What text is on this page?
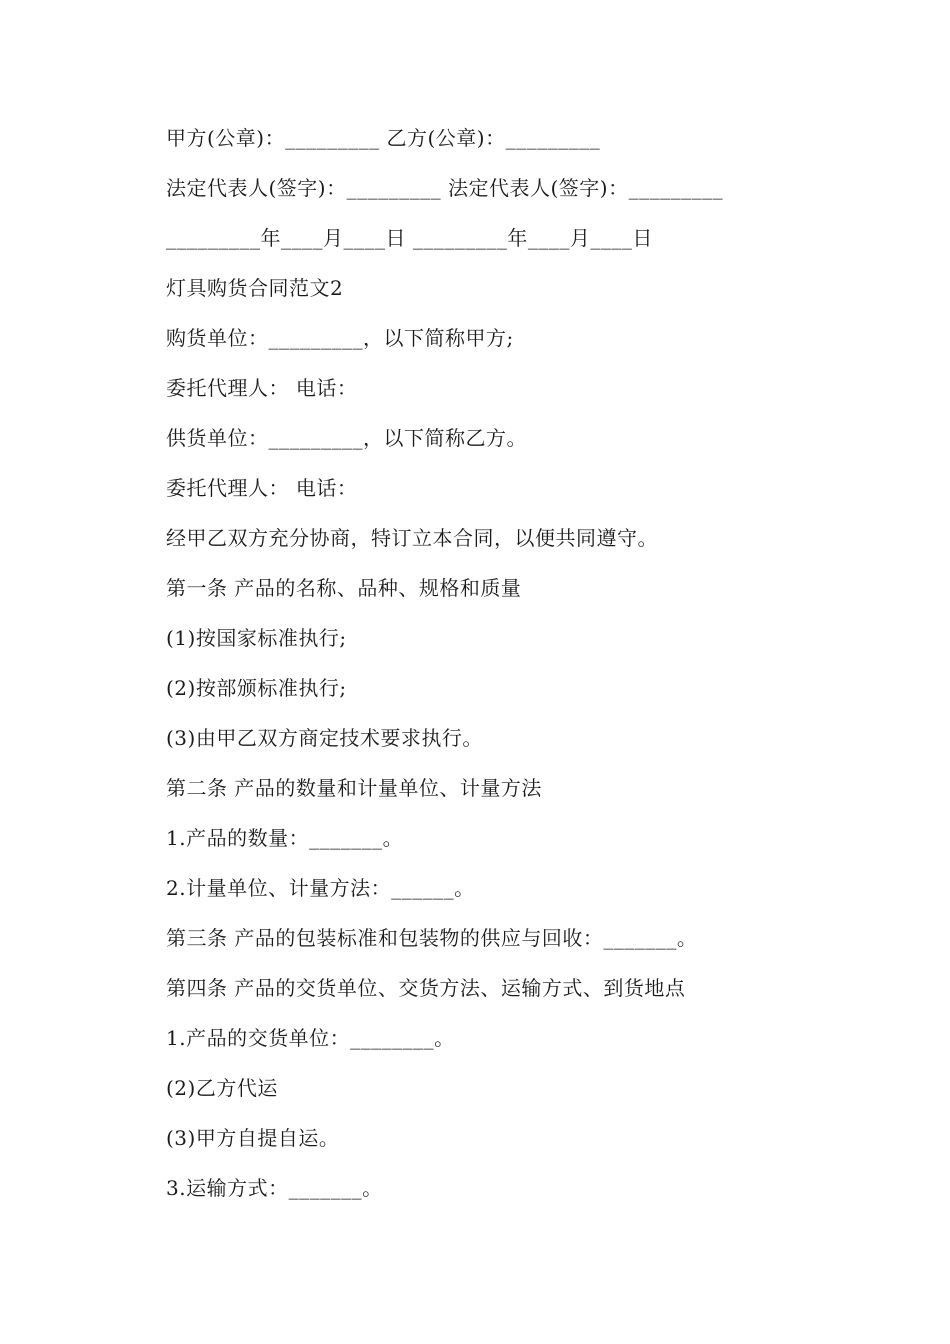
甲方(公章)：_________ 乙方(公章)：_________
法定代表人(签字)：_________ 法定代表人(签字)：_________
_________年____月____日 _________年____月____日
灯具购货合同范文2
购货单位：_________，以下简称甲方;
委托代理人： 电话：
供货单位：_________，以下简称乙方。
委托代理人： 电话：
经甲乙双方充分协商，特订立本合同，以便共同遵守。
第一条 产品的名称、品种、规格和质量
(1)按国家标准执行;
(2)按部颁标准执行;
(3)由甲乙双方商定技术要求执行。
第二条 产品的数量和计量单位、计量方法
1.产品的数量：_______。
2.计量单位、计量方法：______。
第三条 产品的包装标准和包装物的供应与回收：_______。
第四条 产品的交货单位、交货方法、运输方式、到货地点
1.产品的交货单位：________。
(2)乙方代运
(3)甲方自提自运。
3.运输方式：_______。
